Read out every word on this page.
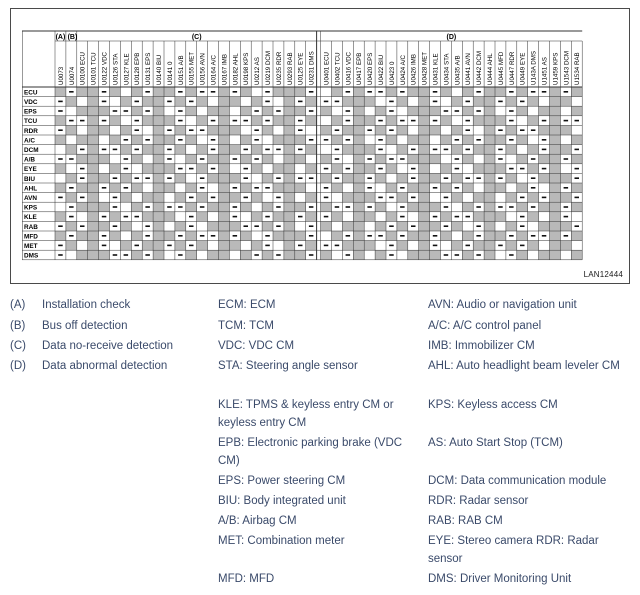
(A) (B)	(C)	(D)
U0073 U0074 U0100 ECU U0101 TCU U0122 VDC U0126 STA U0127 KLE U0128 EPB U0131 EPS U0140 BIU U0141 0 U0151 A/B U0155 MET U0156 AVN U0164 A/C U0167 IMB U0182 AHL U0198 KPS U0212 AS U0219 DCM U0235 RDR U0293 RAB U0125 EYE U0231 DMS U0401 ECU U0402 TCU U0416 VDC U0417 EPB U0420 EPS U0422 BIU U0423 0 U0424 A/C U0426 IMB U0428 MET U0431 KLE U0434 STA U0435 A/B U0441 AVN U0442 DCM U0444 AHL U0445 MFD U0447 RDR U0449 EYE U143A DMS U1451 AS U1459 KPS U1543 DCM U1534 RAB
ECU
VDC
EPS
TCU
RDR
A/C
DCM
A/B
EYE
BIU
AHL
AVN
KPS
KLE
RAB
MFD
MET
DMS
LAN12444
(A) Installation check
(B) Bus off detection
(C) Data no-receive detection
(D) Data abnormal detection
ECM: ECM
TCM: TCM
VDC: VDC CM
STA: Steering angle sensor
KLE: TPMS & keyless entry CM or keyless entry CM
EPB: Electronic parking brake (VDC CM)
EPS: Power steering CM
BIU: Body integrated unit
A/B: Airbag CM
MET: Combination meter
MFD: MFD
AVN: Audio or navigation unit
A/C: A/C control panel
IMB: Immobilizer CM
AHL: Auto headlight beam leveler CM
KPS: Keyless access CM
AS: Auto Start Stop (TCM)
DCM: Data communication module
RDR: Radar sensor
RAB: RAB CM
EYE: Stereo camera RDR: Radar sensor
DMS: Driver Monitoring Unit
